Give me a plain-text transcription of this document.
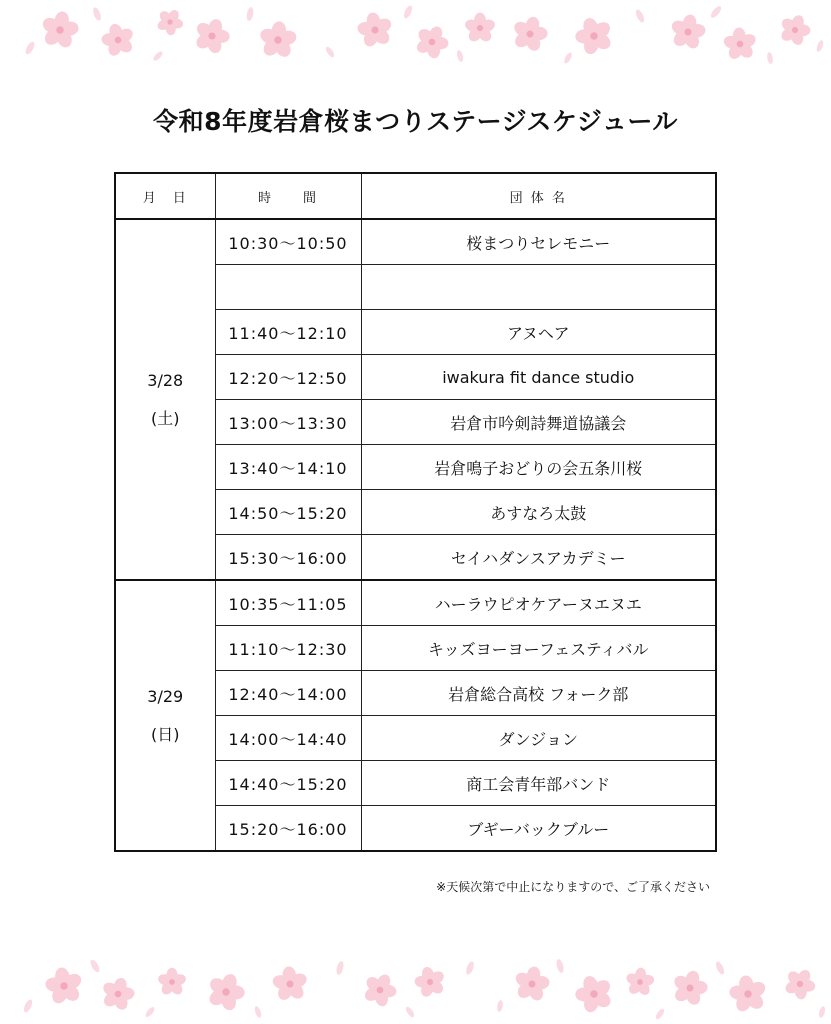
令和8年度岩倉桜まつりステージスケジュール
月　日	時　　間	団 体 名

3/28
(土)	10:30～10:50	桜まつりセレモニー

	11:40～12:10	アヌヘア
	12:20～12:50	iwakura fit dance studio
	13:00～13:30	岩倉市吟剣詩舞道協議会
	13:40～14:10	岩倉鳴子おどりの会五条川桜
	14:50～15:20	あすなろ太鼓
	15:30～16:00	セイハダンスアカデミー

3/29
(日)	10:35～11:05	ハーラウピオケアーヌエヌエ
	11:10～12:30	キッズヨーヨーフェスティバル
	12:40～14:00	岩倉総合高校 フォーク部
	14:00～14:40	ダンジョン
	14:40～15:20	商工会青年部バンド
	15:20～16:00	ブギーバックブルー
※天候次第で中止になりますので、ご了承ください
